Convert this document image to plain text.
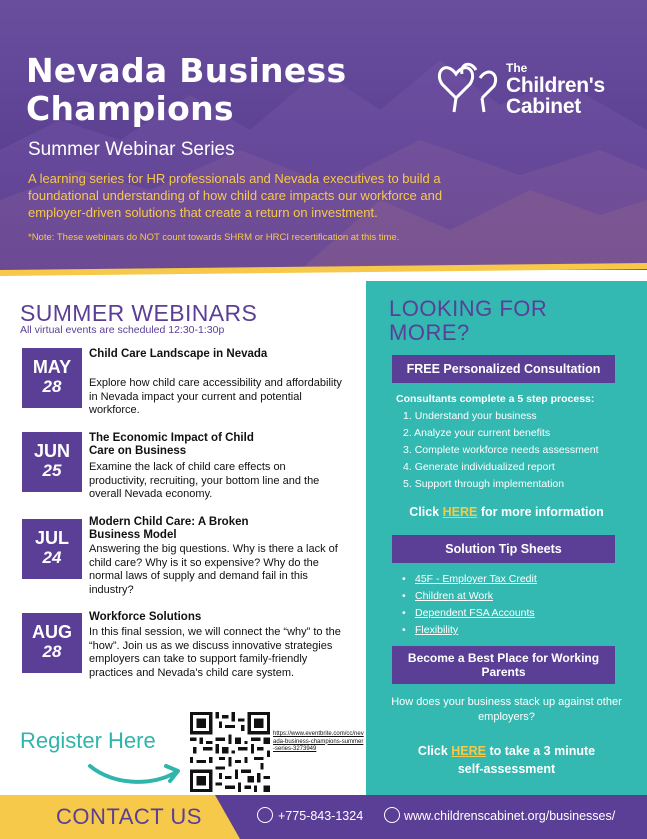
Nevada Business
Champions
Summer Webinar Series
A learning series for HR professionals and Nevada executives to build a foundational understanding of how child care impacts our workforce and employer-driven solutions that create a return on investment.
*Note: These webinars do NOT count towards SHRM or HRCI recertification at this time.
The
Children's
Cabinet
SUMMER WEBINARS
All virtual events are scheduled 12:30-1:30p
MAY
28
Child Care Landscape in Nevada
Explore how child care accessibility and affordability in Nevada impact your current and potential workforce.
JUN
25
The Economic Impact of Child Care on Business
Examine the lack of child care effects on productivity, recruiting, your bottom line and the overall Nevada economy.
JUL
24
Modern Child Care: A Broken Business Model
Answering the big questions. Why is there a lack of child care? Why is it so expensive? Why do the normal laws of supply and demand fail in this industry?
AUG
28
Workforce Solutions
In this final session, we will connect the “why” to the “how”. Join us as we discuss innovative strategies employers can take to support family-friendly practices and Nevada's child care system.
Register Here	https://www.eventbrite.com/cc/nevada-business-champions-summer-series-3273949
LOOKING FOR MORE?
FREE Personalized Consultation
Consultants complete a 5 step process:
1. Understand your business
2. Analyze your current benefits
3. Complete workforce needs assessment
4. Generate individualized report
5. Support through implementation
Click HERE for more information
Solution Tip Sheets
• 45F - Employer Tax Credit
• Children at Work
• Dependent FSA Accounts
• Flexibility
Become a Best Place for Working Parents
How does your business stack up against other employers?
Click HERE to take a 3 minute self-assessment
CONTACT US	+775-843-1324	www.childrenscabinet.org/businesses/
